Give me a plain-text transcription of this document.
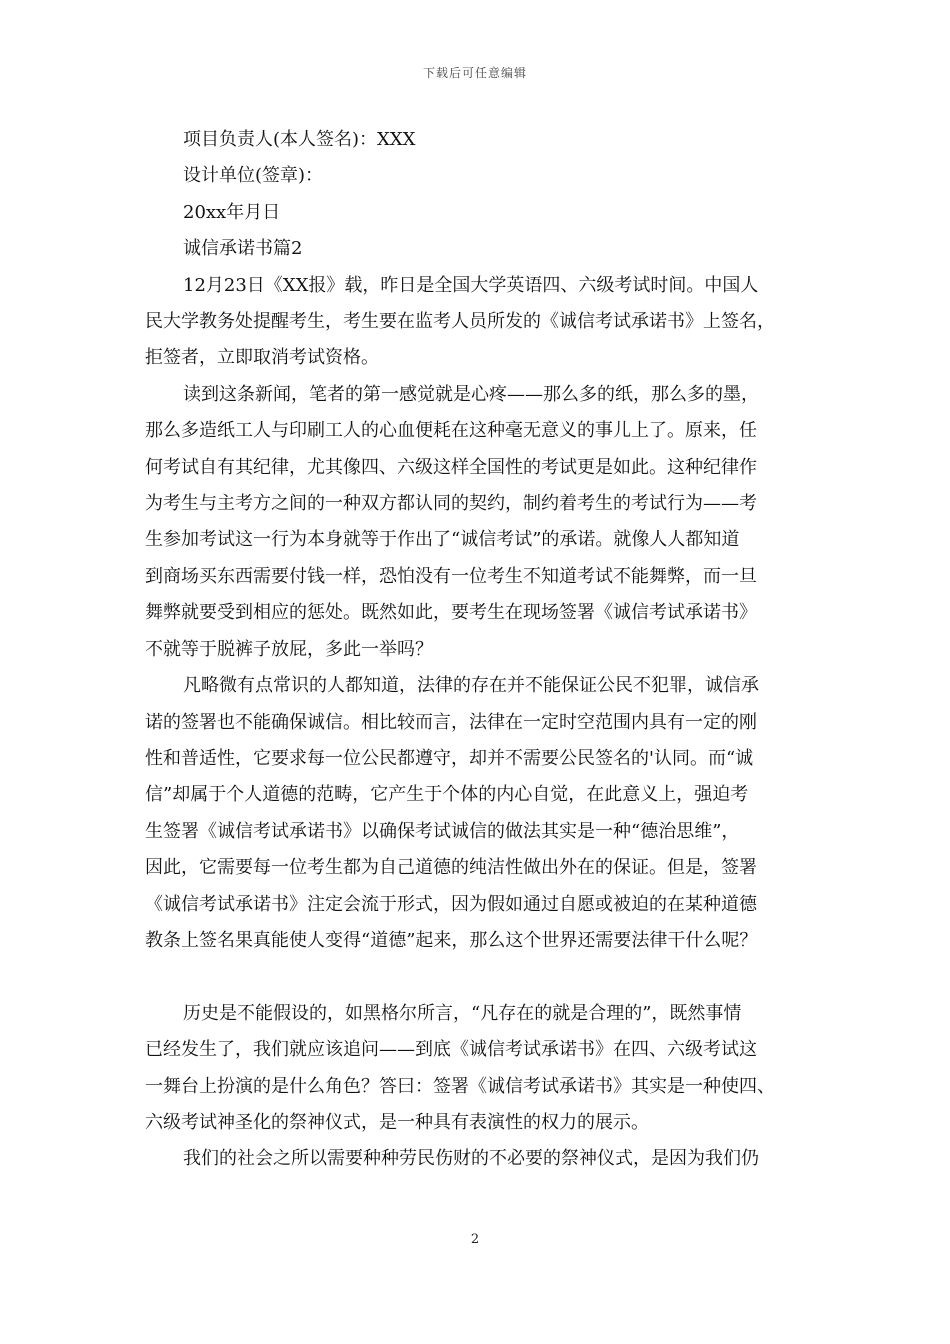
下载后可任意编辑
项目负责人(本人签名)：XXX
设计单位(签章)：
20xx年月日
诚信承诺书篇2
12月23日《XX报》载，昨日是全国大学英语四、六级考试时间。中国人
民大学教务处提醒考生，考生要在监考人员所发的《诚信考试承诺书》上签名，
拒签者，立即取消考试资格。
读到这条新闻，笔者的第一感觉就是心疼——那么多的纸，那么多的墨，
那么多造纸工人与印刷工人的心血便耗在这种毫无意义的事儿上了。原来，任
何考试自有其纪律，尤其像四、六级这样全国性的考试更是如此。这种纪律作
为考生与主考方之间的一种双方都认同的契约，制约着考生的考试行为——考
生参加考试这一行为本身就等于作出了“诚信考试”的承诺。就像人人都知道
到商场买东西需要付钱一样，恐怕没有一位考生不知道考试不能舞弊，而一旦
舞弊就要受到相应的惩处。既然如此，要考生在现场签署《诚信考试承诺书》
不就等于脱裤子放屁，多此一举吗？
凡略微有点常识的人都知道，法律的存在并不能保证公民不犯罪，诚信承
诺的签署也不能确保诚信。相比较而言，法律在一定时空范围内具有一定的刚
性和普适性，它要求每一位公民都遵守，却并不需要公民签名的'认同。而“诚
信”却属于个人道德的范畴，它产生于个体的内心自觉，在此意义上，强迫考
生签署《诚信考试承诺书》以确保考试诚信的做法其实是一种“德治思维”，
因此，它需要每一位考生都为自己道德的纯洁性做出外在的保证。但是，签署
《诚信考试承诺书》注定会流于形式，因为假如通过自愿或被迫的在某种道德
教条上签名果真能使人变得“道德”起来，那么这个世界还需要法律干什么呢？
历史是不能假设的，如黑格尔所言，“凡存在的就是合理的”，既然事情
已经发生了，我们就应该追问——到底《诚信考试承诺书》在四、六级考试这
一舞台上扮演的是什么角色？答曰：签署《诚信考试承诺书》其实是一种使四、
六级考试神圣化的祭神仪式，是一种具有表演性的权力的展示。
我们的社会之所以需要种种劳民伤财的不必要的祭神仪式，是因为我们仍
2
